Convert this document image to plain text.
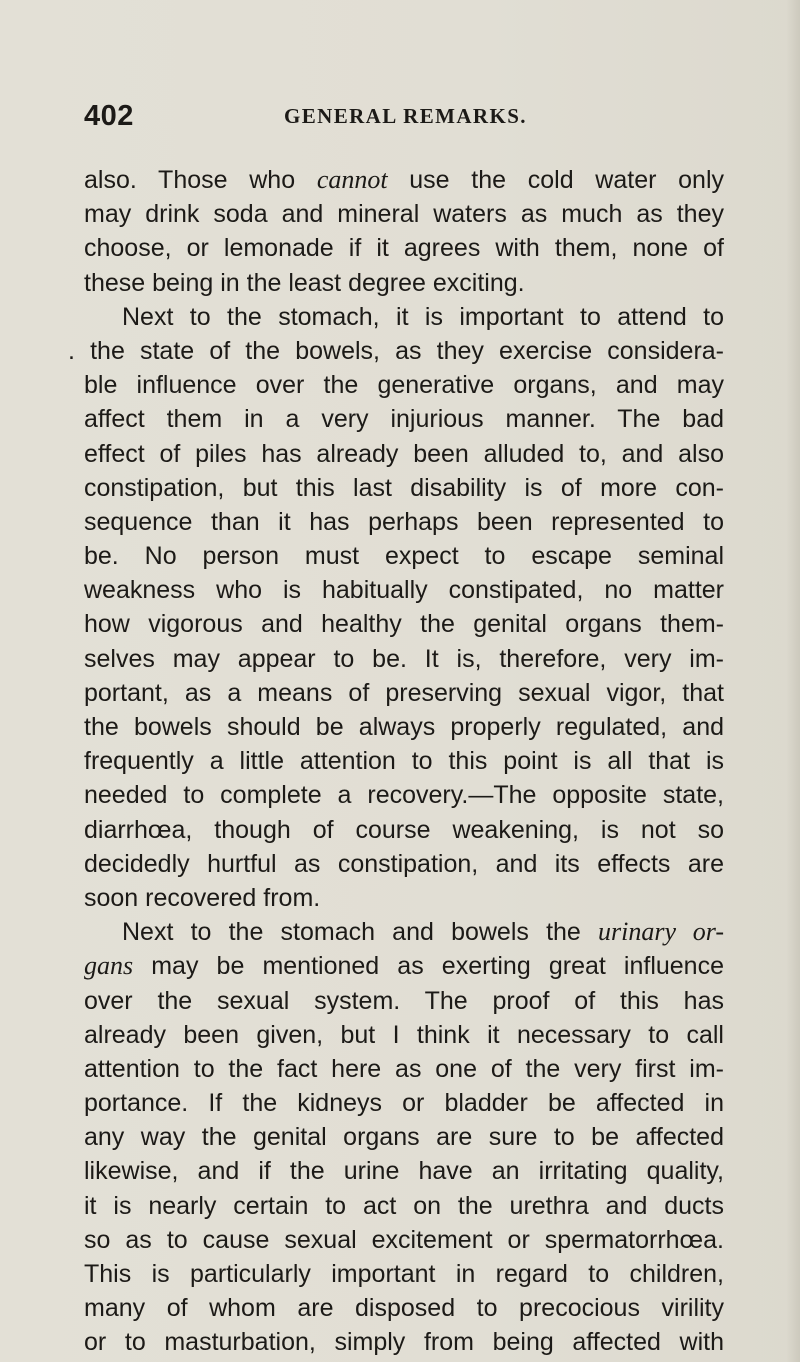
402	GENERAL REMARKS.
also. Those who cannot use the cold water only
may drink soda and mineral waters as much as they
choose, or lemonade if it agrees with them, none of
these being in the least degree exciting.
Next to the stomach, it is important to attend to
. the state of the bowels, as they exercise considera-
ble influence over the generative organs, and may
affect them in a very injurious manner. The bad
effect of piles has already been alluded to, and also
constipation, but this last disability is of more con-
sequence than it has perhaps been represented to
be. No person must expect to escape seminal
weakness who is habitually constipated, no matter
how vigorous and healthy the genital organs them-
selves may appear to be. It is, therefore, very im-
portant, as a means of preserving sexual vigor, that
the bowels should be always properly regulated, and
frequently a little attention to this point is all that is
needed to complete a recovery.—The opposite state,
diarrhœa, though of course weakening, is not so
decidedly hurtful as constipation, and its effects are
soon recovered from.
Next to the stomach and bowels the urinary or-
gans may be mentioned as exerting great influence
over the sexual system. The proof of this has
already been given, but I think it necessary to call
attention to the fact here as one of the very first im-
portance. If the kidneys or bladder be affected in
any way the genital organs are sure to be affected
likewise, and if the urine have an irritating quality,
it is nearly certain to act on the urethra and ducts
so as to cause sexual excitement or spermatorrhœa.
This is particularly important in regard to children,
many of whom are disposed to precocious virility
or to masturbation, simply from being affected with
